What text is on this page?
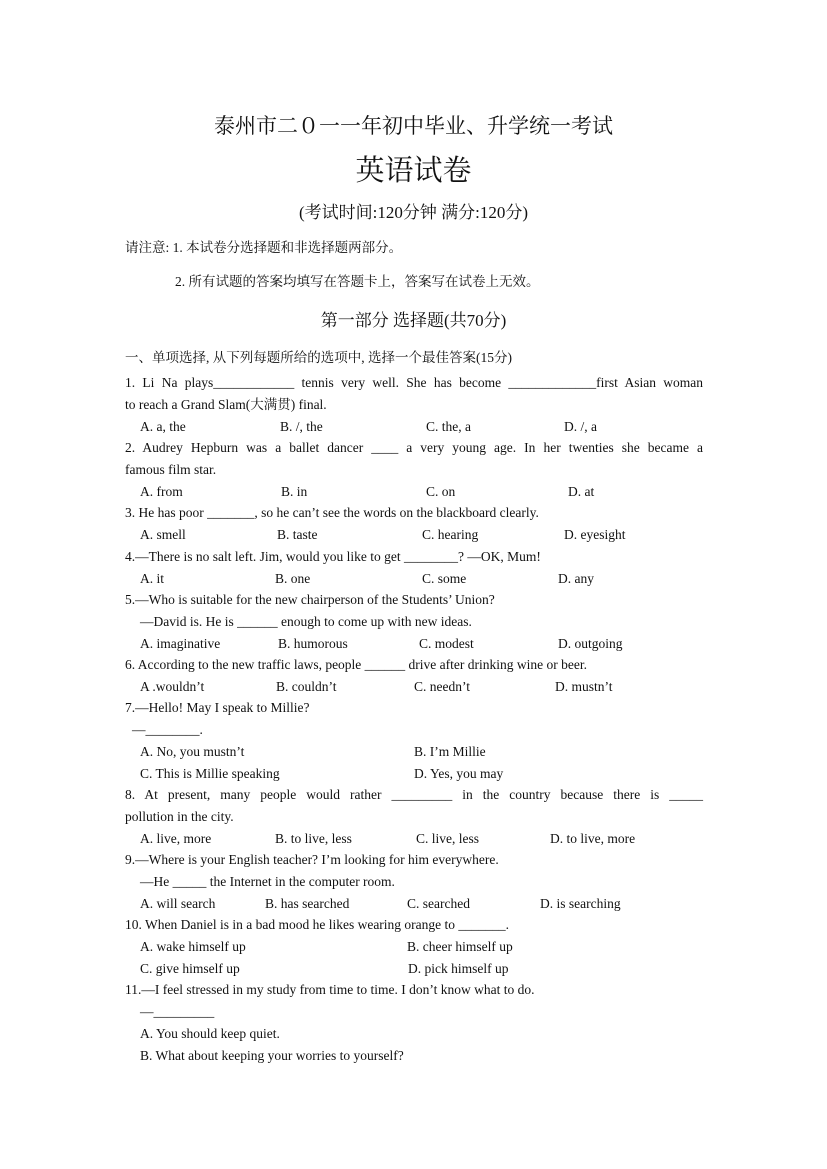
泰州市二０一一年初中毕业、升学统一考试
英语试卷
(考试时间:120分钟 满分:120分)
请注意: 1. 本试卷分选择题和非选择题两部分。
2. 所有试题的答案均填写在答题卡上，答案写在试卷上无效。
第一部分 选择题(共70分)
一、单项选择, 从下列每题所给的选项中, 选择一个最佳答案(15分)
1. Li Na plays____________ tennis very well. She has become _____________first Asian woman
to reach a Grand Slam(大满贯) final.
A. a, the	B. /, the	C. the, a	D. /, a
2. Audrey Hepburn was a ballet dancer ____ a very young age. In her twenties she became a
famous film star.
A. from	B. in	C. on	D. at
3. He has poor _______, so he can’t see the words on the blackboard clearly.
A. smell	B. taste	C. hearing	D. eyesight
4.—There is no salt left. Jim, would you like to get ________? —OK, Mum!
A. it	B. one	C. some	D. any
5.—Who is suitable for the new chairperson of the Students’ Union?
—David is. He is ______ enough to come up with new ideas.
A. imaginative	B. humorous	C. modest	D. outgoing
6. According to the new traffic laws, people ______ drive after drinking wine or beer.
A .wouldn’t	B. couldn’t	C. needn’t	D. mustn’t
7.—Hello! May I speak to Millie?
—________.
A. No, you mustn’t	B. I’m Millie
C. This is Millie speaking	D. Yes, you may
8. At present, many people would rather _________ in the country because there is _____
pollution in the city.
A. live, more	B. to live, less	C. live, less	D. to live, more
9.—Where is your English teacher? I’m looking for him everywhere.
—He _____ the Internet in the computer room.
A. will search	B. has searched	C. searched	D. is searching
10. When Daniel is in a bad mood he likes wearing orange to _______.
A. wake himself up	B. cheer himself up
C. give himself up	D. pick himself up
11.—I feel stressed in my study from time to time. I don’t know what to do.
—_________
A. You should keep quiet.
B. What about keeping your worries to yourself?
